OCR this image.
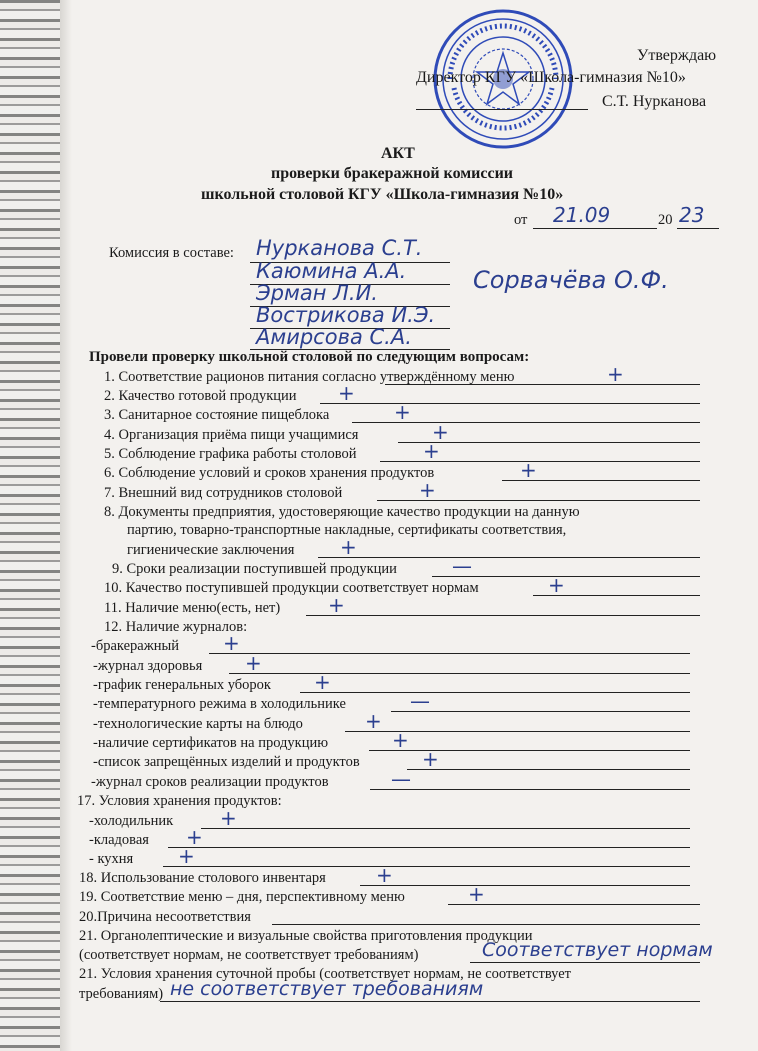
Утверждаю
Директор КГУ «Школа-гимназия №10»
С.Т. Нурканова
АКТ
проверки бракеражной комиссии
школьной столовой КГУ «Школа-гимназия №10»
от 21.09	20 23
Комиссия в составе: Нурканова С.Т.
Каюмина А.А.
Эрман Л.И.
Вострикова И.Э.
Амирсова С.А.
Сорвачёва О.Ф.
Провели проверку школьной столовой по следующим вопросам:
1. Соответствие рационов питания согласно утверждённому меню	+
2. Качество готовой продукции +
3. Санитарное состояние пищеблока	+
4. Организация приёма пищи учащимися	+
5. Соблюдение графика работы столовой	+
6. Соблюдение условий и сроков хранения продуктов	+
7. Внешний вид сотрудников столовой	+
8. Документы предприятия, удостоверяющие качество продукции на данную
партию, товарно-транспортные накладные, сертификаты соответствия,
гигиенические заключения +
9. Сроки реализации поступившей продукции	—
10. Качество поступившей продукции соответствует нормам	+
11. Наличие меню(есть, нет) +
12. Наличие журналов:
-бракеражный +
-журнал здоровья +
-график генеральных уборок +
-температурного режима в холодильнике	—
-технологические карты на блюдо	+
-наличие сертификатов на продукцию	+
-список запрещённых изделий и продуктов	+
-журнал сроков реализации продуктов	—
17. Условия хранения продуктов:
-холодильник +
-кладовая +
- кухня +
18. Использование столового инвентаря	+
19. Соответствие меню – дня, перспективному меню	+
20.Причина несоответствия
21. Органолептические и визуальные свойства приготовления продукции
(соответствует нормам, не соответствует требованиям)	Соответствует нормам
21. Условия хранения суточной пробы (соответствует нормам, не соответствует
требованиям) не соответствует требованиям
